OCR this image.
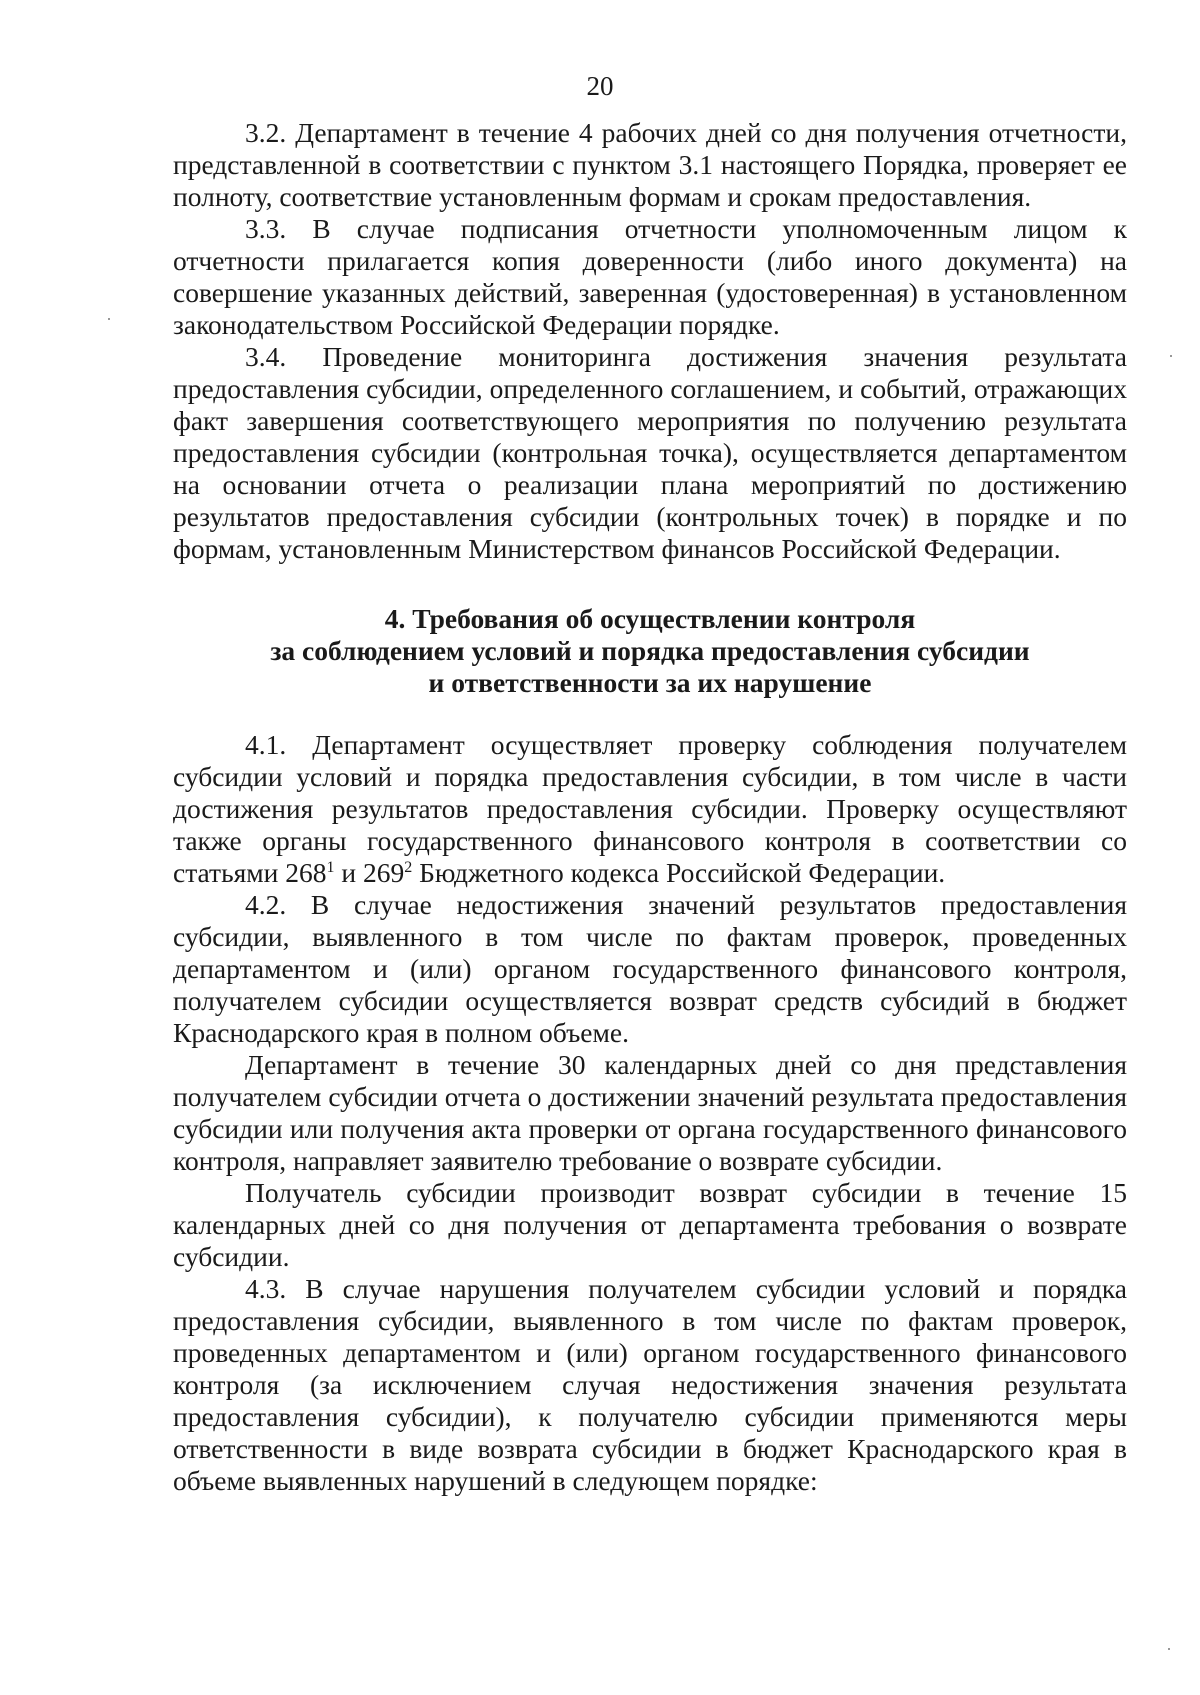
20

3.2. Департамент в течение 4 рабочих дней со дня получения отчетности, представленной в соответствии с пунктом 3.1 настоящего Порядка, проверяет ее полноту, соответствие установленным формам и срокам предоставления.

3.3. В случае подписания отчетности уполномоченным лицом к отчетности прилагается копия доверенности (либо иного документа) на совершение указанных действий, заверенная (удостоверенная) в установленном законодательством Российской Федерации порядке.

3.4. Проведение мониторинга достижения значения результата предоставления субсидии, определенного соглашением, и событий, отражающих факт завершения соответствующего мероприятия по получению результата предоставления субсидии (контрольная точка), осуществляется департаментом на основании отчета о реализации плана мероприятий по достижению результатов предоставления субсидии (контрольных точек) в порядке и по формам, установленным Министерством финансов Российской Федерации.

4. Требования об осуществлении контроля
за соблюдением условий и порядка предоставления субсидии
и ответственности за их нарушение

4.1. Департамент осуществляет проверку соблюдения получателем субсидии условий и порядка предоставления субсидии, в том числе в части достижения результатов предоставления субсидии. Проверку осуществляют также органы государственного финансового контроля в соответствии со статьями $268^1$ и $269^2$ Бюджетного кодекса Российской Федерации.

4.2. В случае недостижения значений результатов предоставления субсидии, выявленного в том числе по фактам проверок, проведенных департаментом и (или) органом государственного финансового контроля, получателем субсидии осуществляется возврат средств субсидий в бюджет Краснодарского края в полном объеме.

Департамент в течение 30 календарных дней со дня представления получателем субсидии отчета о достижении значений результата предоставления субсидии или получения акта проверки от органа государственного финансового контроля, направляет заявителю требование о возврате субсидии.

Получатель субсидии производит возврат субсидии в течение 15 календарных дней со дня получения от департамента требования о возврате субсидии.

4.3. В случае нарушения получателем субсидии условий и порядка предоставления субсидии, выявленного в том числе по фактам проверок, проведенных департаментом и (или) органом государственного финансового контроля (за исключением случая недостижения значения результата предоставления субсидии), к получателю субсидии применяются меры ответственности в виде возврата субсидии в бюджет Краснодарского края в объеме выявленных нарушений в следующем порядке:
